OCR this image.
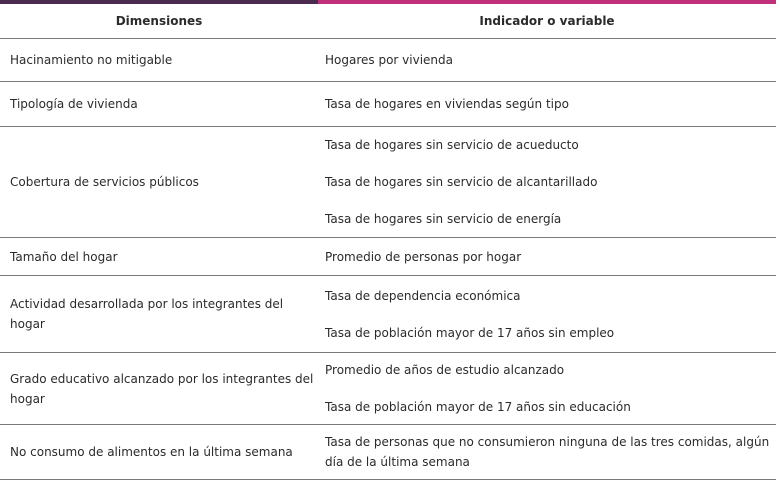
Dimensiones	Indicador o variable
Hacinamiento no mitigable	Hogares por vivienda

Tipología de vivienda	Tasa de hogares en viviendas según tipo

Cobertura de servicios públicos	Tasa de hogares sin servicio de acueducto
Tasa de hogares sin servicio de alcantarillado
Tasa de hogares sin servicio de energía

Tamaño del hogar	Promedio de personas por hogar

Actividad desarrollada por los integrantes del hogar	Tasa de dependencia económica
Tasa de población mayor de 17 años sin empleo

Grado educativo alcanzado por los integrantes del hogar	Promedio de años de estudio alcanzado
Tasa de población mayor de 17 años sin educación

No consumo de alimentos en la última semana	Tasa de personas que no consumieron ninguna de las tres comidas, algún día de la última semana
